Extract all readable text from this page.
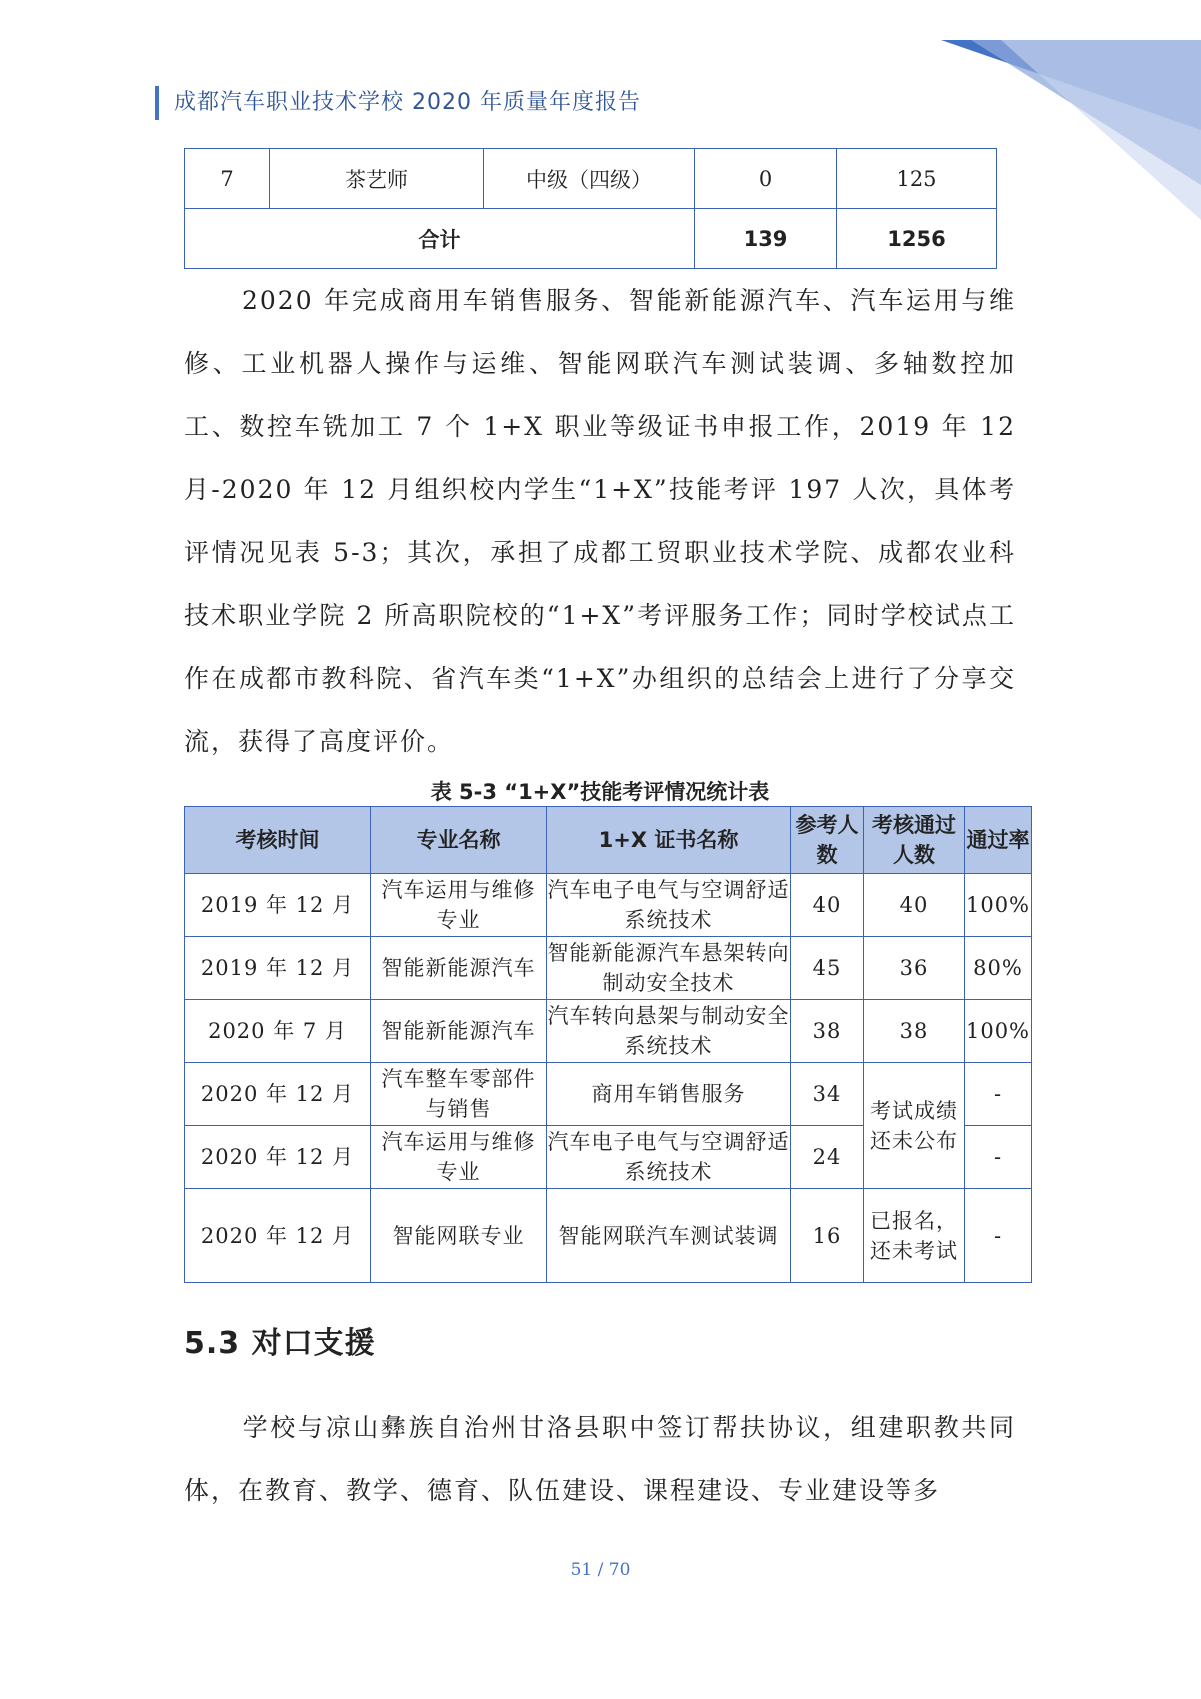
成都汽车职业技术学校 2020 年质量年度报告
7	茶艺师	中级（四级）	0	125
合计			139	1256

2020 年完成商用车销售服务、智能新能源汽车、汽车运用与维修、工业机器人操作与运维、智能网联汽车测试装调、多轴数控加工、数控车铣加工 7 个 1+X 职业等级证书申报工作，2019 年 12 月-2020 年 12 月组织校内学生“1+X”技能考评 197 人次，具体考评情况见表 5-3；其次，承担了成都工贸职业技术学院、成都农业科技术职业学院 2 所高职院校的“1+X”考评服务工作；同时学校试点工作在成都市教科院、省汽车类“1+X”办组织的总结会上进行了分享交流，获得了高度评价。

表 5-3 “1+X”技能考评情况统计表
考核时间	专业名称	1+X 证书名称	参考人数	考核通过人数	通过率
2019 年 12 月	汽车运用与维修专业	汽车电子电气与空调舒适系统技术	40	40	100%
2019 年 12 月	智能新能源汽车	智能新能源汽车悬架转向制动安全技术	45	36	80%
2020 年 7 月	智能新能源汽车	汽车转向悬架与制动安全系统技术	38	38	100%
2020 年 12 月	汽车整车零部件与销售	商用车销售服务	34	考试成绩还未公布	-
2020 年 12 月	汽车运用与维修专业	汽车电子电气与空调舒适系统技术	24		-
2020 年 12 月	智能网联专业	智能网联汽车测试装调	16	已报名，还未考试	-
5.3 对口支援

学校与凉山彝族自治州甘洛县职中签订帮扶协议，组建职教共同体，在教育、教学、德育、队伍建设、课程建设、专业建设等多

51 / 70
